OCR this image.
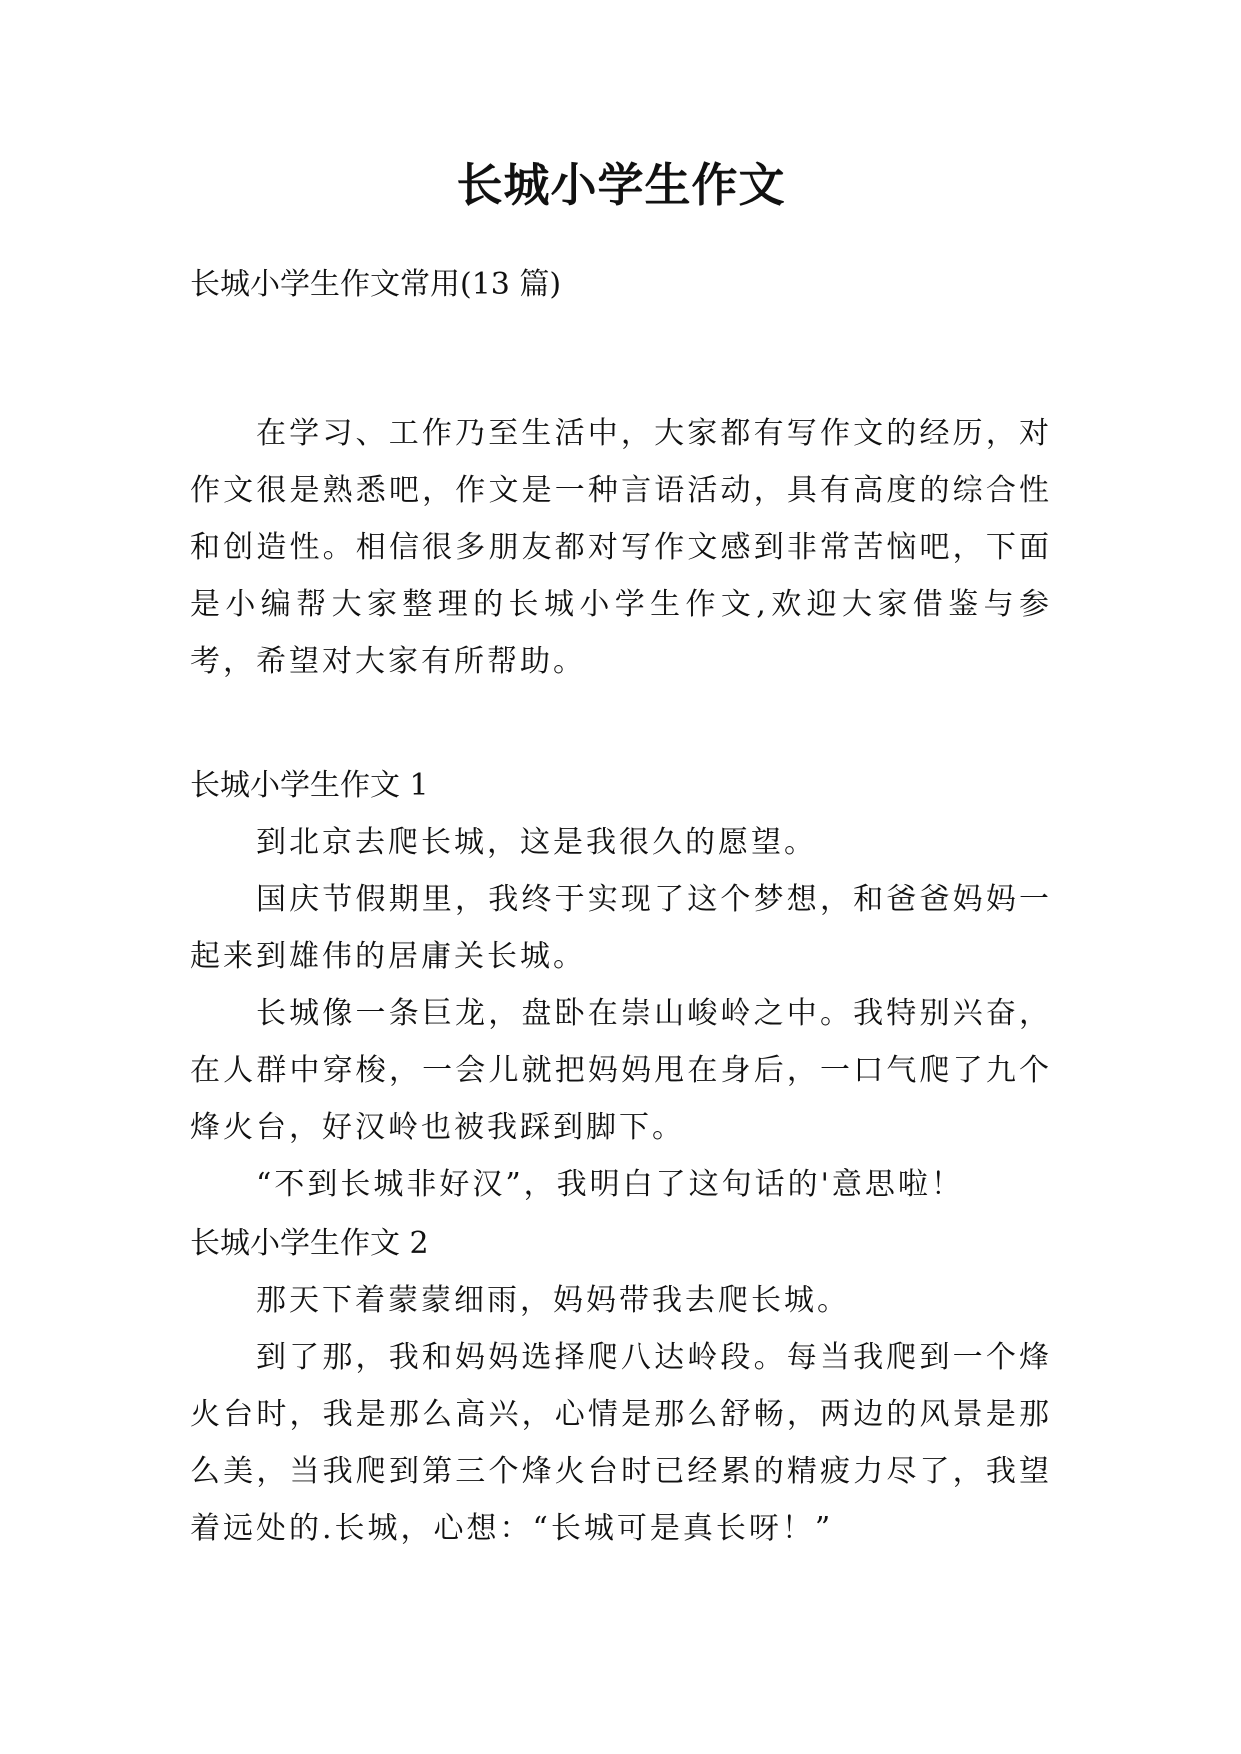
长城小学生作文

长城小学生作文常用(13 篇)

在学习、工作乃至生活中，大家都有写作文的经历，对作文很是熟悉吧，作文是一种言语活动，具有高度的综合性和创造性。相信很多朋友都对写作文感到非常苦恼吧，下面是小编帮大家整理的长城小学生作文,欢迎大家借鉴与参考，希望对大家有所帮助。

长城小学生作文 1

到北京去爬长城，这是我很久的愿望。

国庆节假期里，我终于实现了这个梦想，和爸爸妈妈一起来到雄伟的居庸关长城。

长城像一条巨龙，盘卧在崇山峻岭之中。我特别兴奋，在人群中穿梭，一会儿就把妈妈甩在身后，一口气爬了九个烽火台，好汉岭也被我踩到脚下。

“不到长城非好汉”，我明白了这句话的'意思啦！

长城小学生作文 2

那天下着蒙蒙细雨，妈妈带我去爬长城。

到了那，我和妈妈选择爬八达岭段。每当我爬到一个烽火台时，我是那么高兴，心情是那么舒畅，两边的风景是那么美，当我爬到第三个烽火台时已经累的精疲力尽了，我望着远处的.长城，心想：“长城可是真长呀！”
